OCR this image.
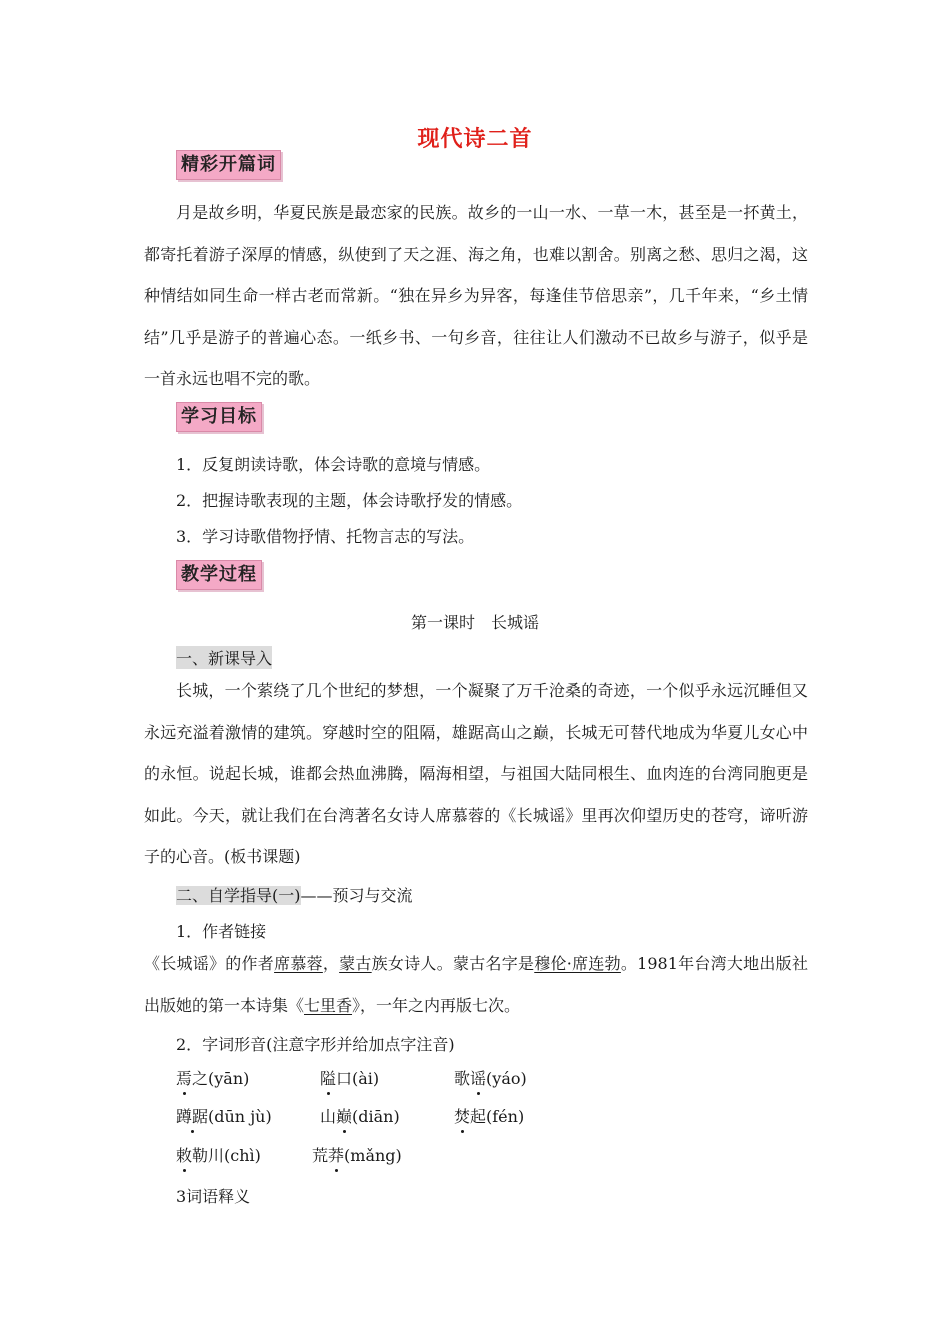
现代诗二首
精彩开篇词

月是故乡明，华夏民族是最恋家的民族。故乡的一山一水、一草一木，甚至是一抔黄土，都寄托着游子深厚的情感，纵使到了天之涯、海之角，也难以割舍。别离之愁、思归之渴，这种情结如同生命一样古老而常新。“独在异乡为异客，每逢佳节倍思亲”，几千年来，“乡土情结”几乎是游子的普遍心态。一纸乡书、一句乡音，往往让人们激动不已故乡与游子，似乎是一首永远也唱不完的歌。

学习目标
1．反复朗读诗歌，体会诗歌的意境与情感。
2．把握诗歌表现的主题，体会诗歌抒发的情感。
3．学习诗歌借物抒情、托物言志的写法。
教学过程
第一课时　长城谣
一、新课导入

长城，一个萦绕了几个世纪的梦想，一个凝聚了万千沧桑的奇迹，一个似乎永远沉睡但又永远充溢着激情的建筑。穿越时空的阻隔，雄踞高山之巅，长城无可替代地成为华夏儿女心中的永恒。说起长城，谁都会热血沸腾，隔海相望，与祖国大陆同根生、血肉连的台湾同胞更是如此。今天，就让我们在台湾著名女诗人席慕蓉的《长城谣》里再次仰望历史的苍穹，谛听游子的心音。(板书课题)

二、自学指导(一)——预习与交流
1．作者链接

《长城谣》的作者席慕蓉，蒙古族女诗人。蒙古名字是穆伦·席连勃。1981年台湾大地出版社出版她的第一本诗集《七里香》，一年之内再版七次。

2．字词形音(注意字形并给加点字注音)
焉之(yān)	隘口(ài)	歌谣(yáo)
蹲踞(dūn jù)	山巅(diān)	焚起(fén)
敕勒川(chì)	荒莽(mǎng)
3词语释义
